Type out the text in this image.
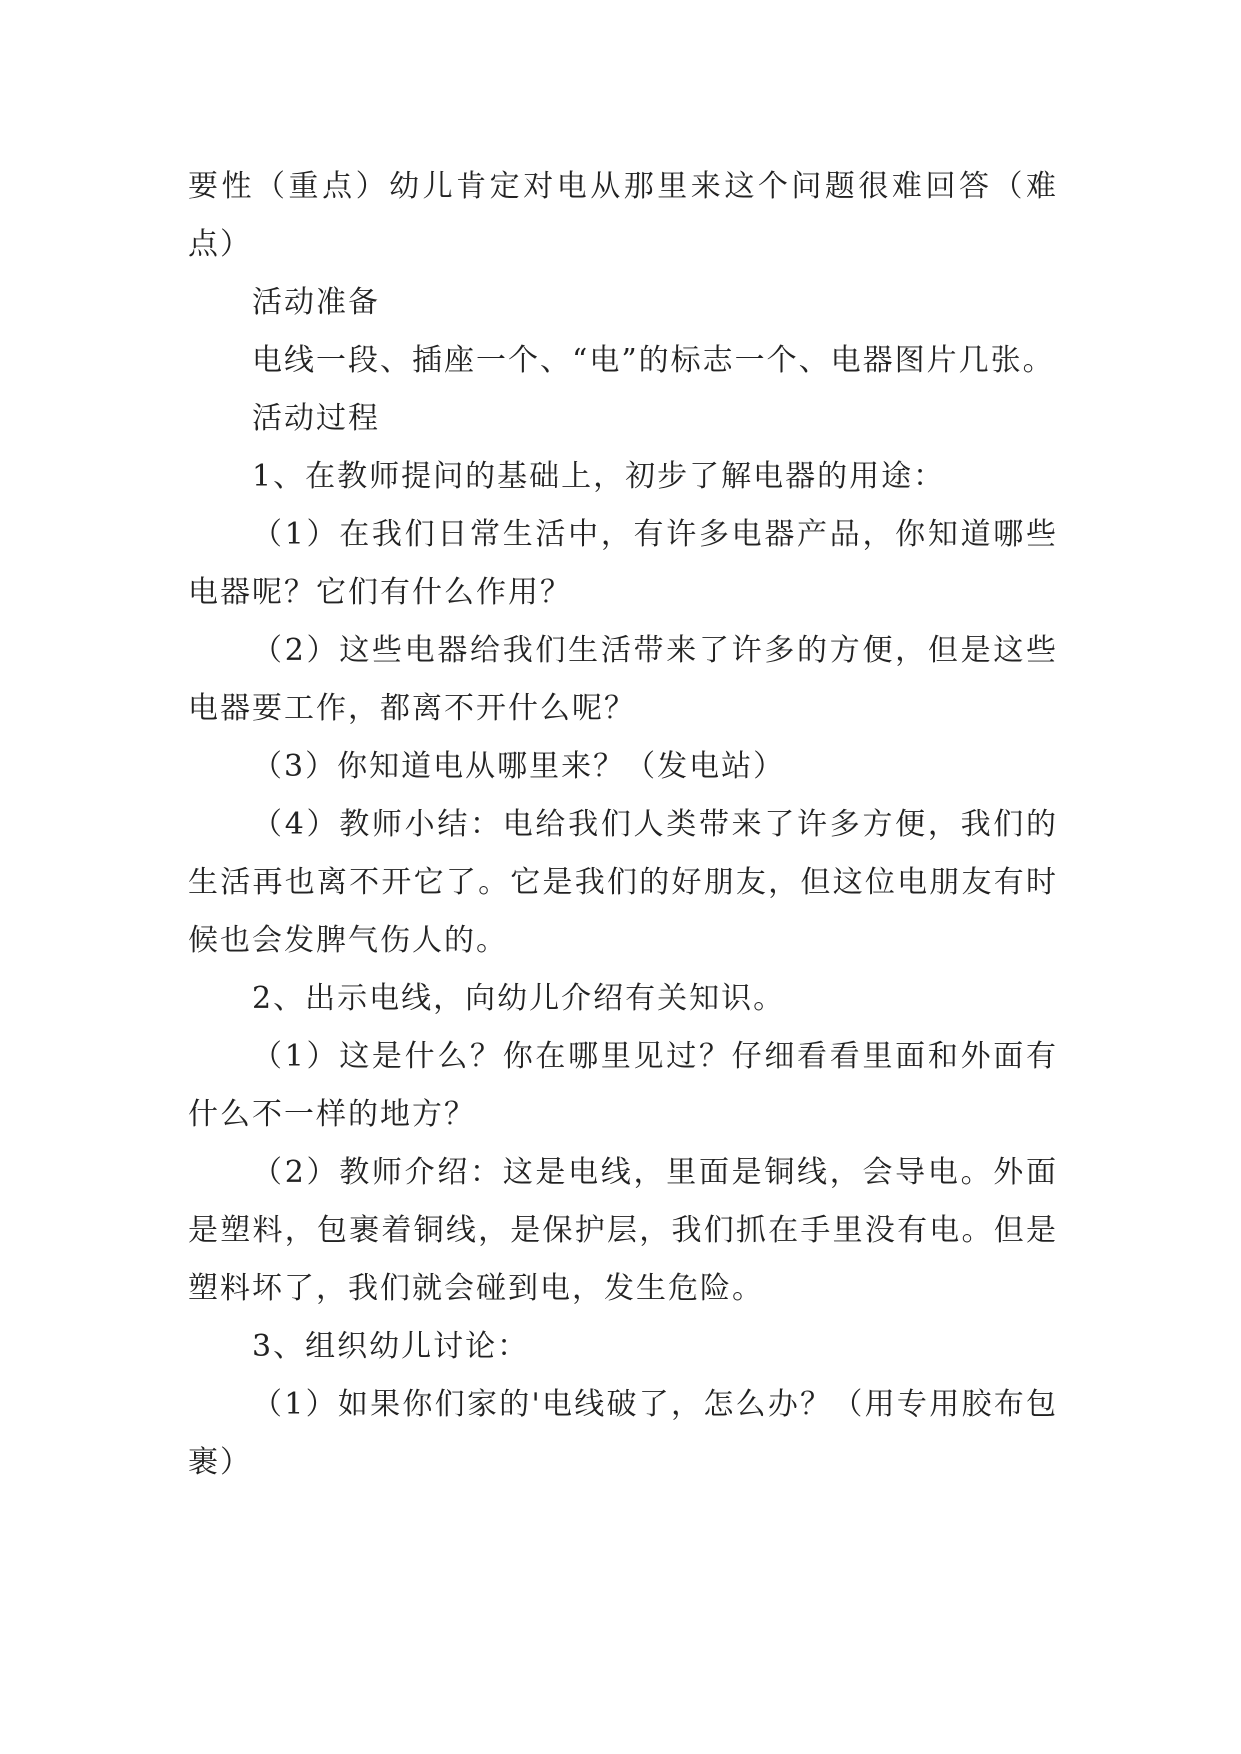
要性（重点）幼儿肯定对电从那里来这个问题很难回答（难点）

活动准备

电线一段、插座一个、“电”的标志一个、电器图片几张。

活动过程

1、在教师提问的基础上，初步了解电器的用途：

（1）在我们日常生活中，有许多电器产品，你知道哪些电器呢？它们有什么作用？

（2）这些电器给我们生活带来了许多的方便，但是这些电器要工作，都离不开什么呢？

（3）你知道电从哪里来？（发电站）

（4）教师小结：电给我们人类带来了许多方便，我们的生活再也离不开它了。它是我们的好朋友，但这位电朋友有时候也会发脾气伤人的。

2、出示电线，向幼儿介绍有关知识。

（1）这是什么？你在哪里见过？仔细看看里面和外面有什么不一样的地方？

（2）教师介绍：这是电线，里面是铜线，会导电。外面是塑料，包裹着铜线，是保护层，我们抓在手里没有电。但是塑料坏了，我们就会碰到电，发生危险。

3、组织幼儿讨论：

（1）如果你们家的'电线破了，怎么办？（用专用胶布包裹）
